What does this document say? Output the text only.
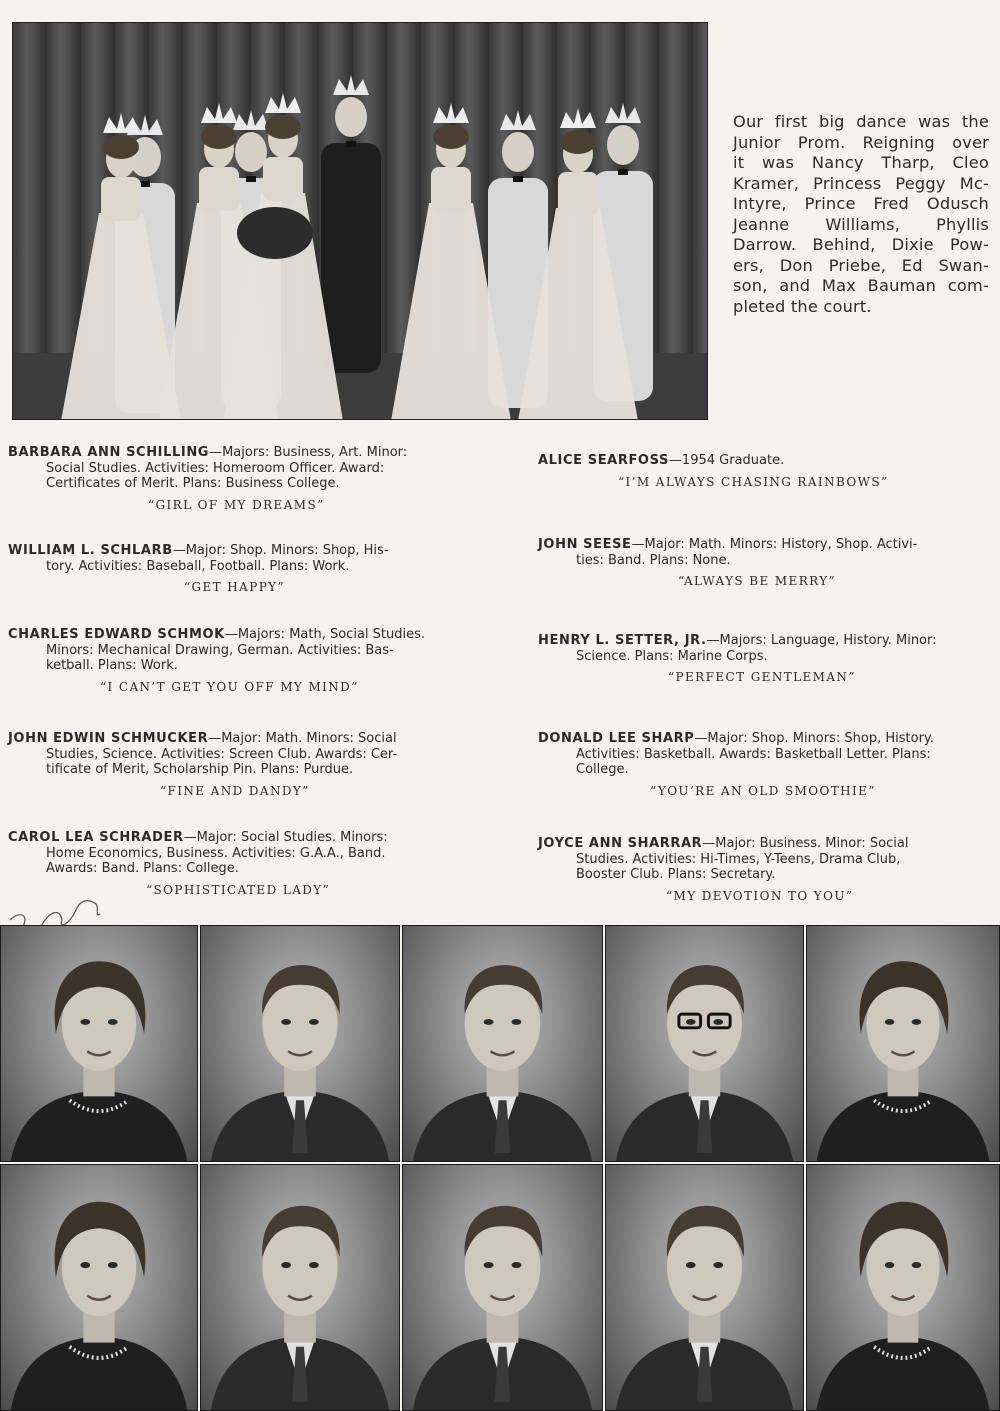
Our first big dance was the
Junior Prom. Reigning over
it was Nancy Tharp, Cleo
Kramer, Princess Peggy Mc-
Intyre, Prince Fred Odusch
Jeanne Williams, Phyllis
Darrow. Behind, Dixie Pow-
ers, Don Priebe, Ed Swan-
son, and Max Bauman com-
pleted the court.
BARBARA ANN SCHILLING—Majors: Business, Art. Minor:
Social Studies. Activities: Homeroom Officer. Award:
Certificates of Merit. Plans: Business College.
“GIRL OF MY DREAMS”
WILLIAM L. SCHLARB—Major: Shop. Minors: Shop, His-
tory. Activities: Baseball, Football. Plans: Work.
“GET HAPPY”
CHARLES EDWARD SCHMOK—Majors: Math, Social Studies.
Minors: Mechanical Drawing, German. Activities: Bas-
ketball. Plans: Work.
“I CAN’T GET YOU OFF MY MIND”
JOHN EDWIN SCHMUCKER—Major: Math. Minors: Social
Studies, Science. Activities: Screen Club. Awards: Cer-
tificate of Merit, Scholarship Pin. Plans: Purdue.
“FINE AND DANDY”
CAROL LEA SCHRADER—Major: Social Studies. Minors:
Home Economics, Business. Activities: G.A.A., Band.
Awards: Band. Plans: College.
“SOPHISTICATED LADY”
ALICE SEARFOSS—1954 Graduate.
“I’M ALWAYS CHASING RAINBOWS”
JOHN SEESE—Major: Math. Minors: History, Shop. Activi-
ties: Band. Plans: None.
“ALWAYS BE MERRY”
HENRY L. SETTER, JR.—Majors: Language, History. Minor:
Science. Plans: Marine Corps.
“PERFECT GENTLEMAN”
DONALD LEE SHARP—Major: Shop. Minors: Shop, History.
Activities: Basketball. Awards: Basketball Letter. Plans:
College.
“YOU’RE AN OLD SMOOTHIE”
JOYCE ANN SHARRAR—Major: Business. Minor: Social
Studies. Activities: Hi-Times, Y-Teens, Drama Club,
Booster Club. Plans: Secretary.
“MY DEVOTION TO YOU”
